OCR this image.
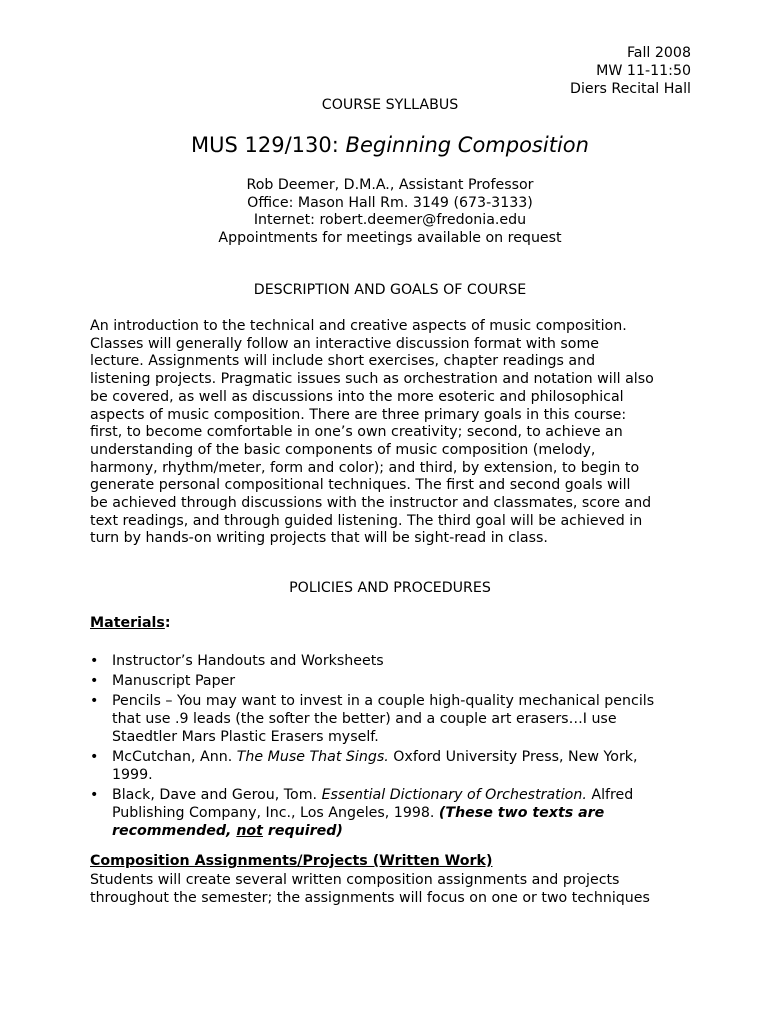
Fall 2008
MW 11-11:50
Diers Recital Hall
COURSE SYLLABUS
MUS 129/130: Beginning Composition
Rob Deemer, D.M.A., Assistant Professor
Office: Mason Hall Rm. 3149 (673-3133)
Internet: robert.deemer@fredonia.edu
Appointments for meetings available on request
DESCRIPTION AND GOALS OF COURSE
An introduction to the technical and creative aspects of music composition.
Classes will generally follow an interactive discussion format with some
lecture. Assignments will include short exercises, chapter readings and
listening projects. Pragmatic issues such as orchestration and notation will also
be covered, as well as discussions into the more esoteric and philosophical
aspects of music composition. There are three primary goals in this course:
first, to become comfortable in one’s own creativity; second, to achieve an
understanding of the basic components of music composition (melody,
harmony, rhythm/meter, form and color); and third, by extension, to begin to
generate personal compositional techniques. The first and second goals will
be achieved through discussions with the instructor and classmates, score and
text readings, and through guided listening. The third goal will be achieved in
turn by hands-on writing projects that will be sight-read in class.
POLICIES AND PROCEDURES
Materials:
• Instructor’s Handouts and Worksheets
• Manuscript Paper
• Pencils – You may want to invest in a couple high-quality mechanical pencils
that use .9 leads (the softer the better) and a couple art erasers…I use
Staedtler Mars Plastic Erasers myself.
• McCutchan, Ann. The Muse That Sings. Oxford University Press, New York,
1999.
• Black, Dave and Gerou, Tom. Essential Dictionary of Orchestration. Alfred
Publishing Company, Inc., Los Angeles, 1998. (These two texts are
recommended, not required)
Composition Assignments/Projects (Written Work)
Students will create several written composition assignments and projects
throughout the semester; the assignments will focus on one or two techniques
